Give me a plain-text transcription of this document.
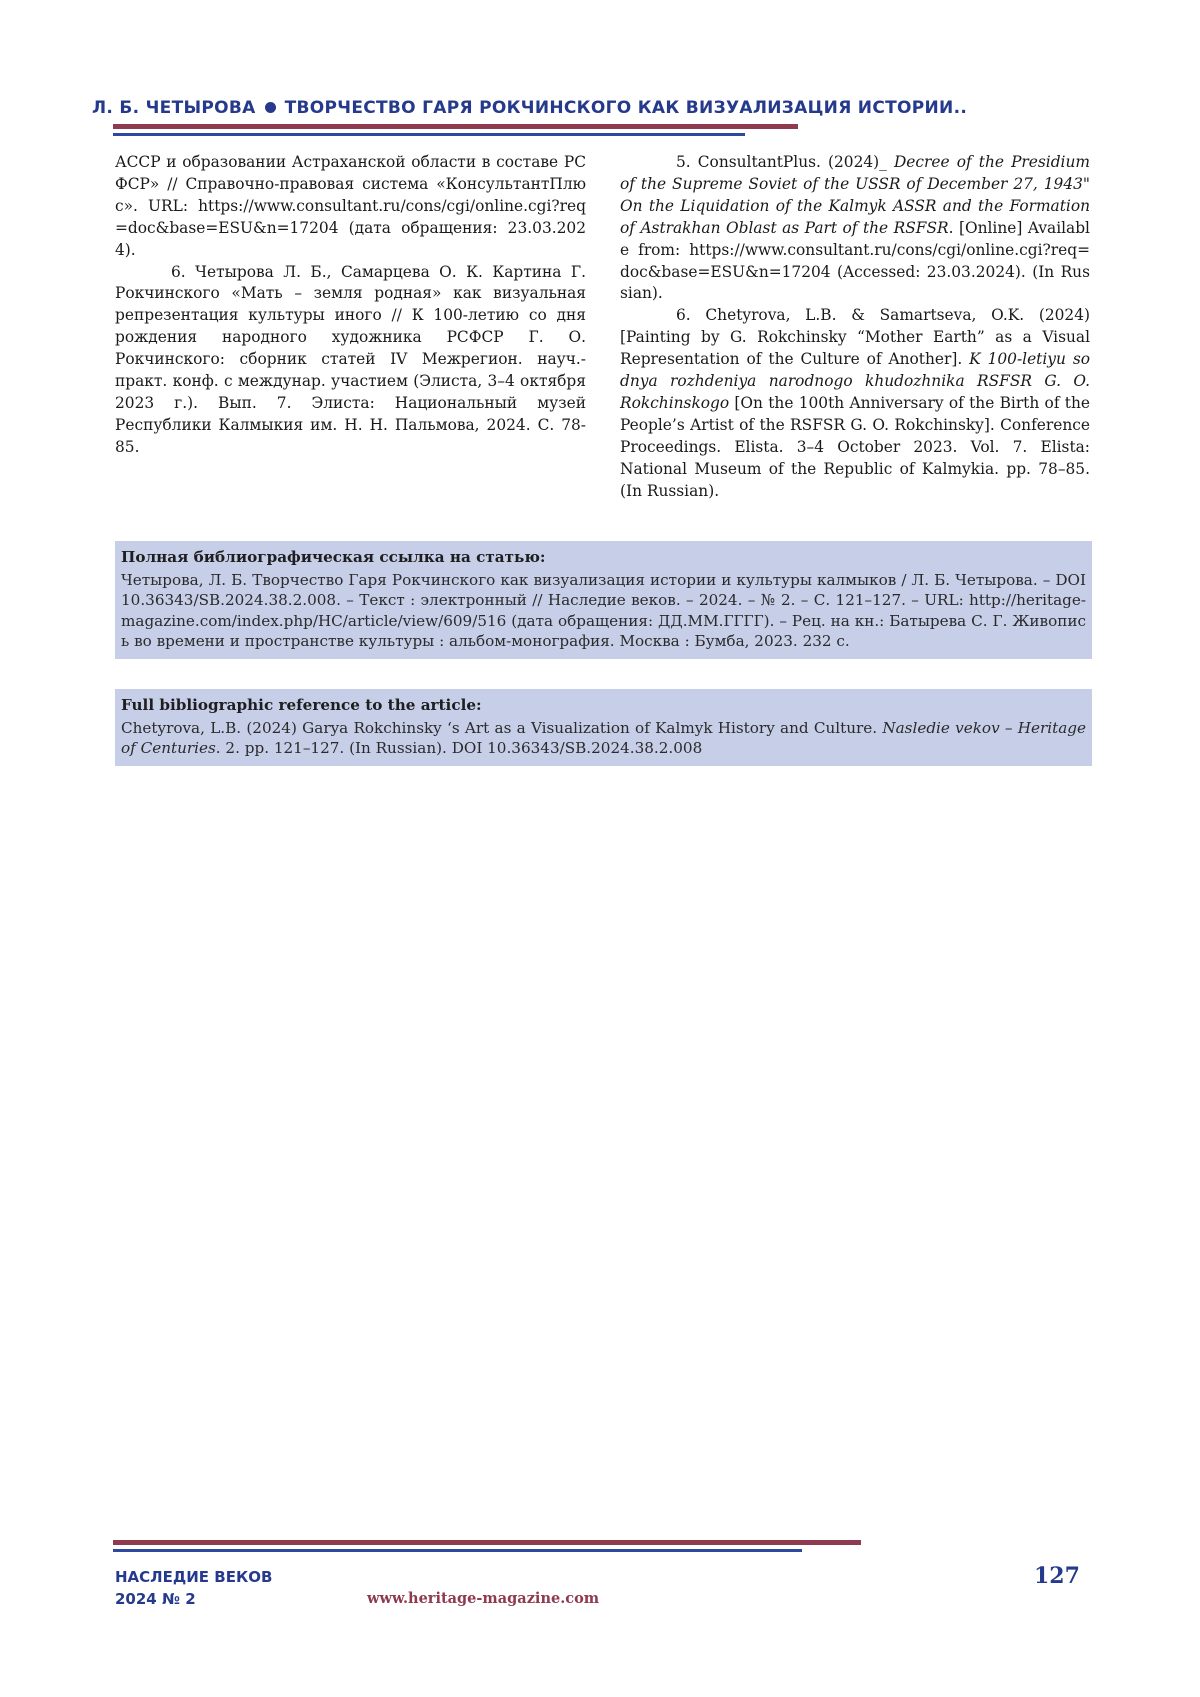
Л. Б. ЧЕТЫРОВА ТВОРЧЕСТВО ГАРЯ РОКЧИНСКОГО КАК ВИЗУАЛИЗАЦИЯ ИСТОРИИ..

АССР и образовании Астраханской области в составе РСФСР» // Справочно-правовая система «КонсультантПлюс». URL: https://www.consultant.ru/cons/cgi/online.cgi?req=doc&base=ESU&n=17204 (дата обращения: 23.03.2024).

6. Четырова Л. Б., Самарцева О. К. Картина Г. Рокчинского «Мать – земля родная» как визуальная репрезентация культуры иного // К 100-летию со дня рождения народного художника РСФСР Г. О. Рокчинского: сборник статей IV Межрегион. науч.-практ. конф. с междунар. участием (Элиста, 3–4 октября 2023 г.). Вып. 7. Элиста: Национальный музей Республики Калмыкия им. Н. Н. Пальмова, 2024. С. 78-85.

5. ConsultantPlus. (2024)_ Decree of the Presidium of the Supreme Soviet of the USSR of December 27, 1943" On the Liquidation of the Kalmyk ASSR and the Formation of Astrakhan Oblast as Part of the RSFSR. [Online] Available from: https://www.consultant.ru/cons/cgi/online.cgi?req=doc&base=ESU&n=17204 (Accessed: 23.03.2024). (In Russian).

6. Chetyrova, L.B. & Samartseva, O.K. (2024) [Painting by G. Rokchinsky “Mother Earth” as a Visual Representation of the Culture of Another]. K 100-letiyu so dnya rozhdeniya narodnogo khudozhnika RSFSR G. O. Rokchinskogo [On the 100th Anniversary of the Birth of the People’s Artist of the RSFSR G. O. Rokchinsky]. Conference Proceedings. Elista. 3–4 October 2023. Vol. 7. Elista: National Museum of the Republic of Kalmykia. pp. 78–85. (In Russian).

Полная библиографическая ссылка на статью:
Четырова, Л. Б. Творчество Гаря Рокчинского как визуализация истории и культуры калмыков / Л. Б. Четырова. – DOI 10.36343/SB.2024.38.2.008. – Текст : электронный // Наследие веков. – 2024. – № 2. – С. 121–127. – URL: http://heritage-magazine.com/index.php/HC/article/view/609/516 (дата обращения: ДД.ММ.ГГГГ). – Рец. на кн.: Батырева С. Г. Живопись во времени и пространстве культуры : альбом-монография. Москва : Бумба, 2023. 232 с.
Full bibliographic reference to the article:
Chetyrova, L.B. (2024) Garya Rokchinsky ‘s Art as a Visualization of Kalmyk History and Culture. Nasledie vekov – Heritage of Centuries. 2. pp. 121–127. (In Russian). DOI 10.36343/SB.2024.38.2.008
НАСЛЕДИЕ ВЕКОВ
2024 № 2	www.heritage-magazine.com
127
